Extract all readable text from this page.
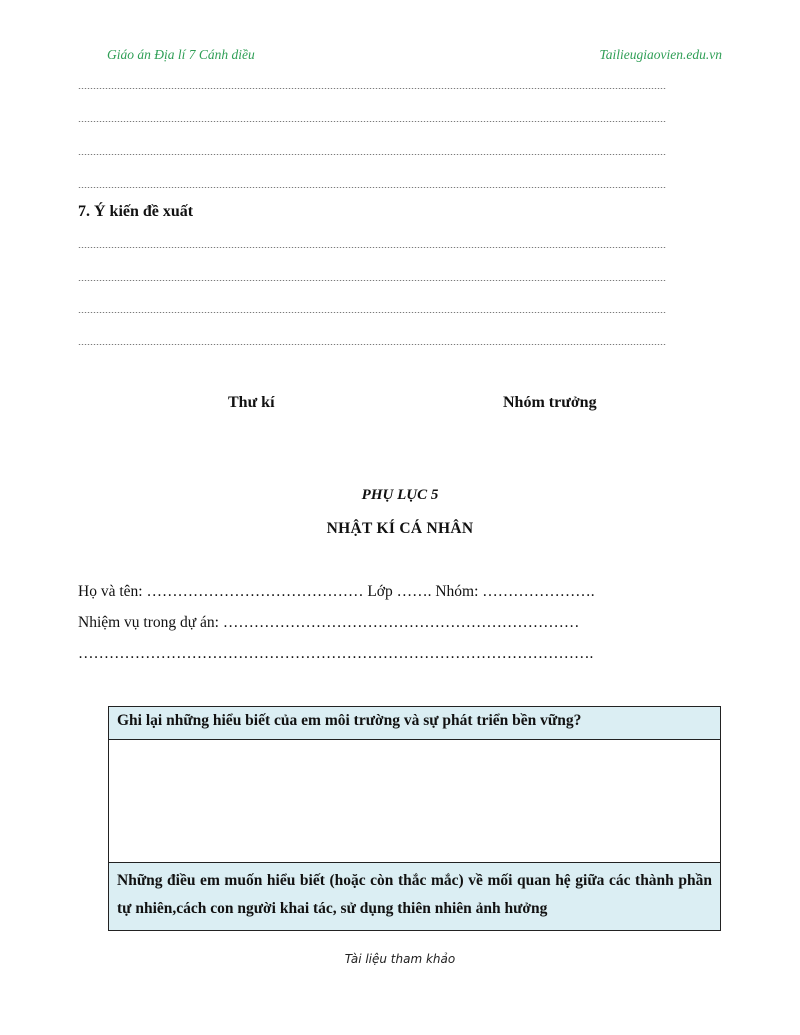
Giáo án Địa lí 7 Cánh diều	Tailieugiaovien.edu.vn
7. Ý kiến đề xuất
Thư kí	Nhóm trưởng
PHỤ LỤC 5
NHẬT KÍ CÁ NHÂN
Họ và tên: …………………………………… Lớp ……. Nhóm: ………………….
Nhiệm vụ trong dự án: ……………………………………………………………
……………………………………………………………………………………….
Ghi lại những hiểu biết của em môi trường và sự phát triển bền vững?
Những điều em muốn hiểu biết (hoặc còn thắc mắc) về mối quan hệ giữa các thành phần tự nhiên,cách con người khai tác, sử dụng thiên nhiên ảnh hưởng
Tài liệu tham khảo
